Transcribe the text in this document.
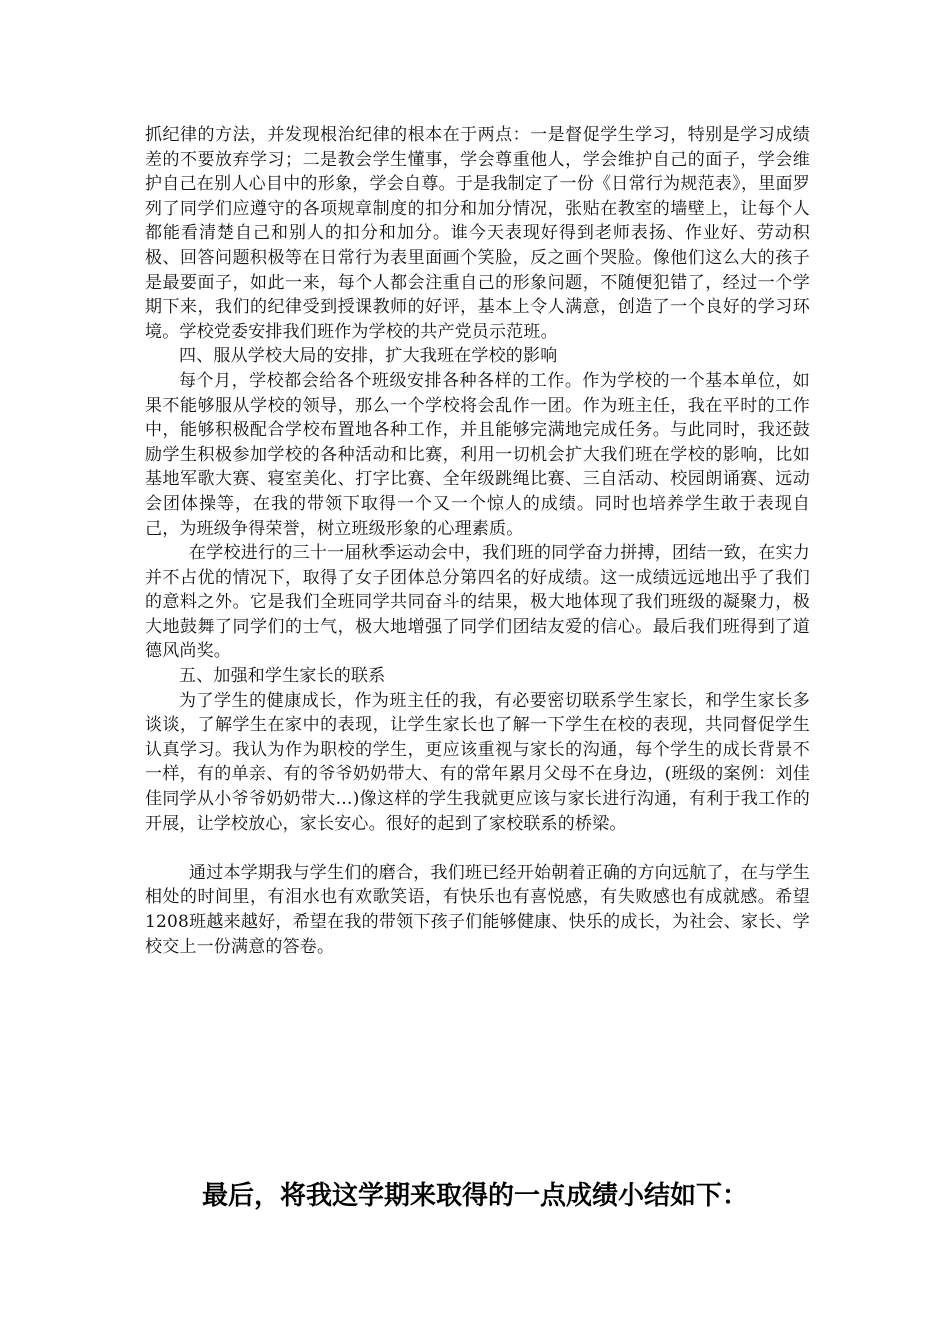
抓纪律的方法，并发现根治纪律的根本在于两点：一是督促学生学习，特别是学习成绩差的不要放弃学习；二是教会学生懂事，学会尊重他人，学会维护自己的面子，学会维护自己在别人心目中的形象，学会自尊。于是我制定了一份《日常行为规范表》，里面罗列了同学们应遵守的各项规章制度的扣分和加分情况，张贴在教室的墙壁上，让每个人都能看清楚自己和别人的扣分和加分。谁今天表现好得到老师表扬、作业好、劳动积极、回答问题积极等在日常行为表里面画个笑脸，反之画个哭脸。像他们这么大的孩子是最要面子，如此一来，每个人都会注重自己的形象问题，不随便犯错了，经过一个学期下来，我们的纪律受到授课教师的好评，基本上令人满意，创造了一个良好的学习环境。学校党委安排我们班作为学校的共产党员示范班。

四、服从学校大局的安排，扩大我班在学校的影响

每个月，学校都会给各个班级安排各种各样的工作。作为学校的一个基本单位，如果不能够服从学校的领导，那么一个学校将会乱作一团。作为班主任，我在平时的工作中，能够积极配合学校布置地各种工作，并且能够完满地完成任务。与此同时，我还鼓励学生积极参加学校的各种活动和比赛，利用一切机会扩大我们班在学校的影响，比如基地军歌大赛、寝室美化、打字比赛、全年级跳绳比赛、三自活动、校园朗诵赛、远动会团体操等，在我的带领下取得一个又一个惊人的成绩。同时也培养学生敢于表现自己，为班级争得荣誉，树立班级形象的心理素质。

在学校进行的三十一届秋季运动会中，我们班的同学奋力拼搏，团结一致，在实力并不占优的情况下，取得了女子团体总分第四名的好成绩。这一成绩远远地出乎了我们的意料之外。它是我们全班同学共同奋斗的结果，极大地体现了我们班级的凝聚力，极大地鼓舞了同学们的士气，极大地增强了同学们团结友爱的信心。最后我们班得到了道德风尚奖。

五、加强和学生家长的联系

为了学生的健康成长，作为班主任的我，有必要密切联系学生家长，和学生家长多谈谈，了解学生在家中的表现，让学生家长也了解一下学生在校的表现，共同督促学生认真学习。我认为作为职校的学生，更应该重视与家长的沟通，每个学生的成长背景不一样，有的单亲、有的爷爷奶奶带大、有的常年累月父母不在身边，(班级的案例：刘佳佳同学从小爷爷奶奶带大…)像这样的学生我就更应该与家长进行沟通，有利于我工作的开展，让学校放心，家长安心。很好的起到了家校联系的桥梁。

通过本学期我与学生们的磨合，我们班已经开始朝着正确的方向远航了，在与学生相处的时间里，有泪水也有欢歌笑语，有快乐也有喜悦感，有失败感也有成就感。希望1208班越来越好，希望在我的带领下孩子们能够健康、快乐的成长，为社会、家长、学校交上一份满意的答卷。

最后，将我这学期来取得的一点成绩小结如下：
